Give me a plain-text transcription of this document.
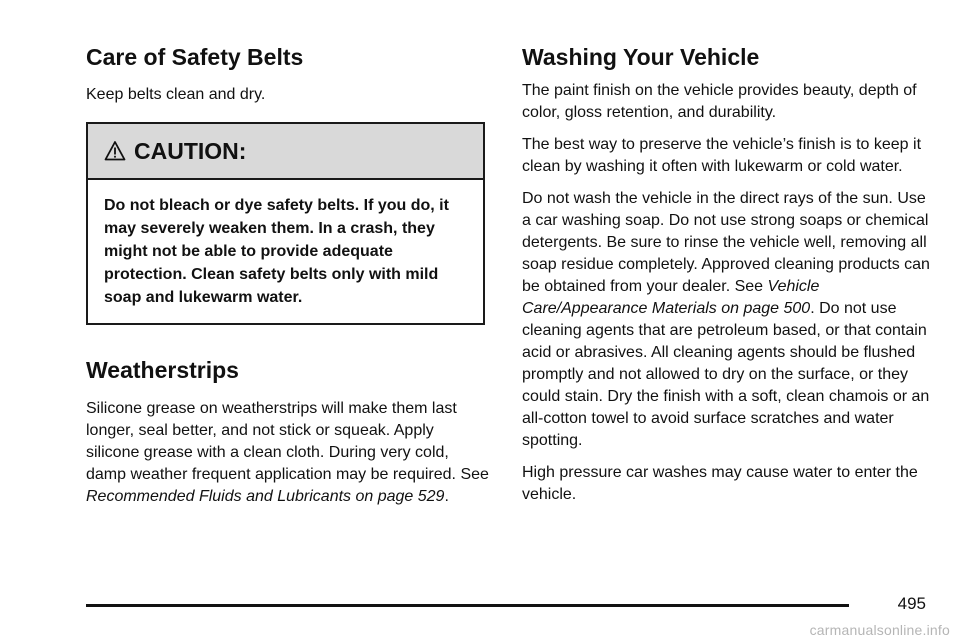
Care of Safety Belts

Keep belts clean and dry.

CAUTION:

Do not bleach or dye safety belts. If you do, it may severely weaken them. In a crash, they might not be able to provide adequate protection. Clean safety belts only with mild soap and lukewarm water.

Weatherstrips

Silicone grease on weatherstrips will make them last longer, seal better, and not stick or squeak. Apply silicone grease with a clean cloth. During very cold, damp weather frequent application may be required. See Recommended Fluids and Lubricants on page 529.

Washing Your Vehicle

The paint finish on the vehicle provides beauty, depth of color, gloss retention, and durability.

The best way to preserve the vehicle’s finish is to keep it clean by washing it often with lukewarm or cold water.

Do not wash the vehicle in the direct rays of the sun. Use a car washing soap. Do not use strong soaps or chemical detergents. Be sure to rinse the vehicle well, removing all soap residue completely. Approved cleaning products can be obtained from your dealer. See Vehicle Care/Appearance Materials on page 500. Do not use cleaning agents that are petroleum based, or that contain acid or abrasives. All cleaning agents should be flushed promptly and not allowed to dry on the surface, or they could stain. Dry the finish with a soft, clean chamois or an all-cotton towel to avoid surface scratches and water spotting.

High pressure car washes may cause water to enter the vehicle.

495
carmanualsonline.info
